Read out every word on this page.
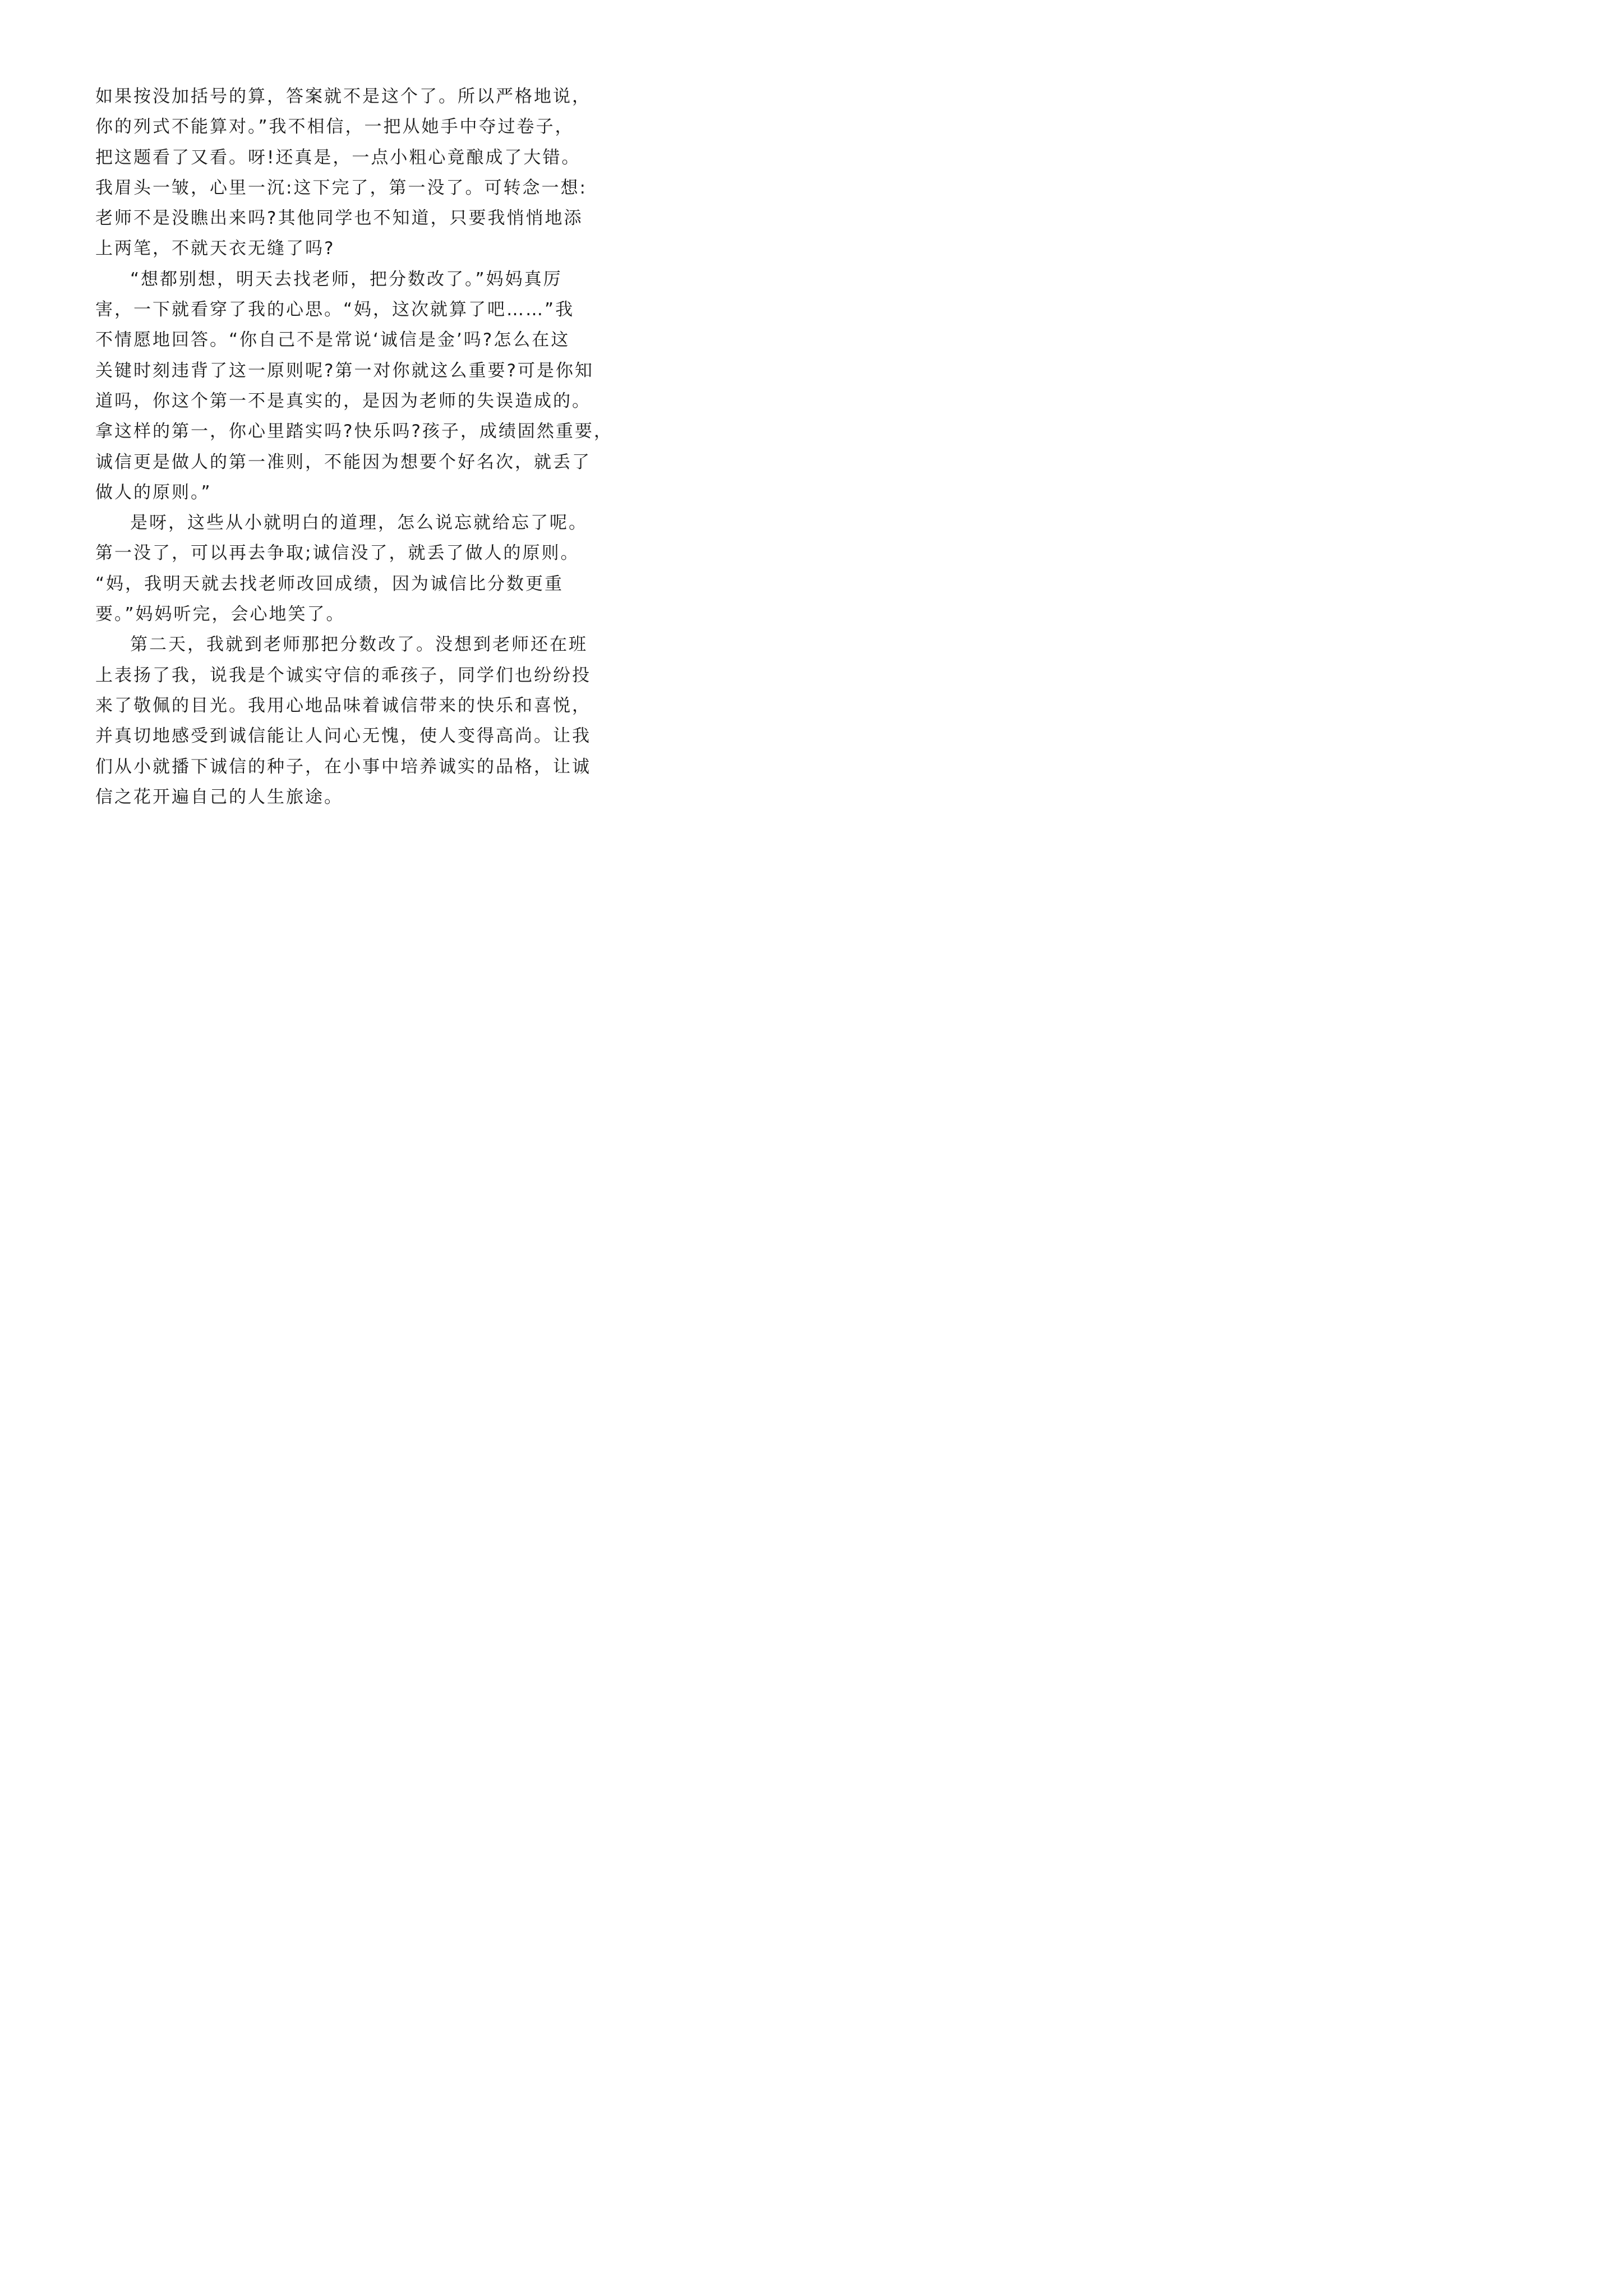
如果按没加括号的算，答案就不是这个了。所以严格地说，
你的列式不能算对。”我不相信，一把从她手中夺过卷子，
把这题看了又看。呀!还真是，一点小粗心竟酿成了大错。
我眉头一皱，心里一沉:这下完了，第一没了。可转念一想:
老师不是没瞧出来吗?其他同学也不知道，只要我悄悄地添
上两笔，不就天衣无缝了吗?
“想都别想，明天去找老师，把分数改了。”妈妈真厉
害，一下就看穿了我的心思。“妈，这次就算了吧……”我
不情愿地回答。“你自己不是常说‘诚信是金’吗?怎么在这
关键时刻违背了这一原则呢?第一对你就这么重要?可是你知
道吗，你这个第一不是真实的，是因为老师的失误造成的。
拿这样的第一，你心里踏实吗?快乐吗?孩子，成绩固然重要，
诚信更是做人的第一准则，不能因为想要个好名次，就丢了
做人的原则。”
是呀，这些从小就明白的道理，怎么说忘就给忘了呢。
第一没了，可以再去争取;诚信没了，就丢了做人的原则。
“妈，我明天就去找老师改回成绩，因为诚信比分数更重
要。”妈妈听完，会心地笑了。
第二天，我就到老师那把分数改了。没想到老师还在班
上表扬了我，说我是个诚实守信的乖孩子，同学们也纷纷投
来了敬佩的目光。我用心地品味着诚信带来的快乐和喜悦，
并真切地感受到诚信能让人问心无愧，使人变得高尚。让我
们从小就播下诚信的种子，在小事中培养诚实的品格，让诚
信之花开遍自己的人生旅途。
